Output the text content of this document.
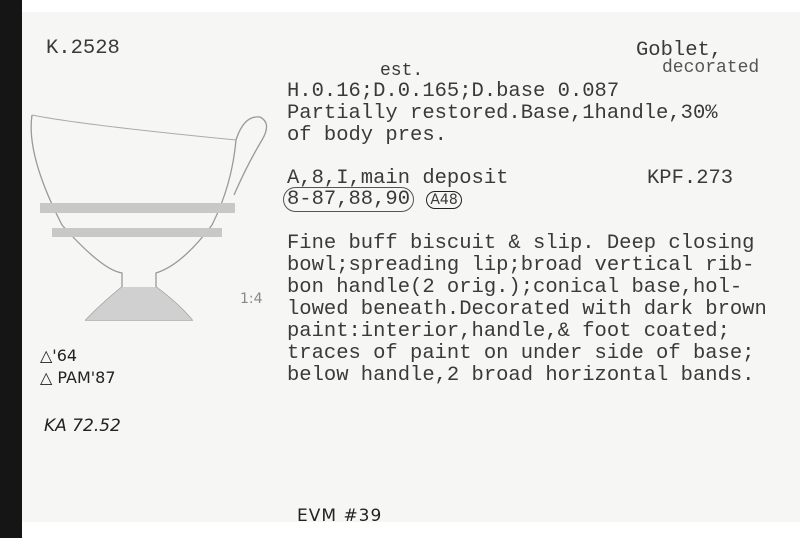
K.2528	Goblet,
decorated
est.
H.0.16;D.0.165;D.base 0.087
Partially restored.Base,1handle,30%
of body pres.
A,8,I,main deposit	KPF.273
8-87,88,90 A48
Fine buff biscuit & slip. Deep closing
bowl;spreading lip;broad vertical rib-
bon handle(2 orig.);conical base,hol-
lowed beneath.Decorated with dark brown
paint:interior,handle,& foot coated;
traces of paint on under side of base;
below handle,2 broad horizontal bands.
1:4
△'64
△ PAM'87
KA 72.52
EVM #39
